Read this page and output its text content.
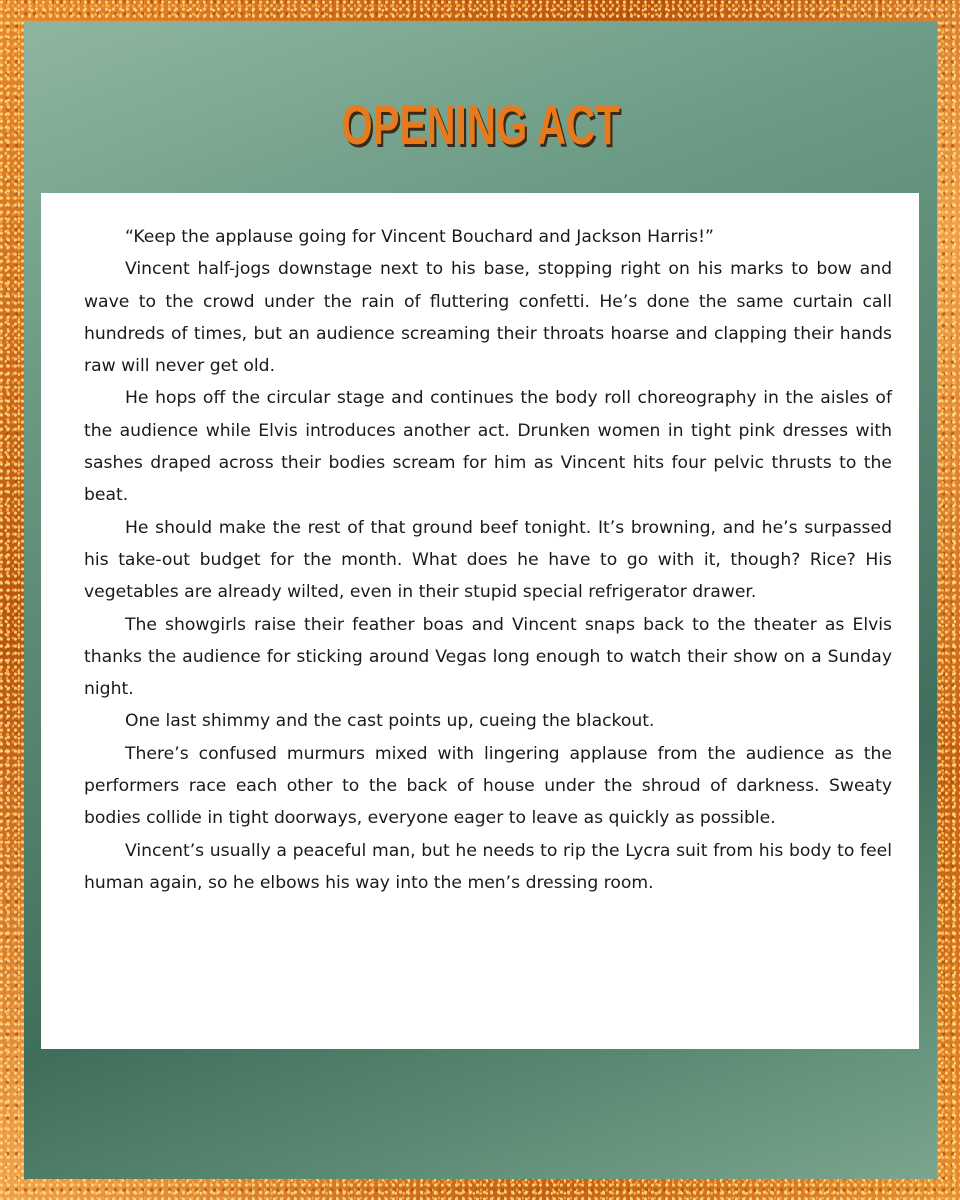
OPENING ACT

“Keep the applause going for Vincent Bouchard and Jackson Harris!”

Vincent half-jogs downstage next to his base, stopping right on his marks to bow and wave to the crowd under the rain of fluttering confetti. He’s done the same curtain call hundreds of times, but an audience screaming their throats hoarse and clapping their hands raw will never get old.

He hops off the circular stage and continues the body roll choreography in the aisles of the audience while Elvis introduces another act. Drunken women in tight pink dresses with sashes draped across their bodies scream for him as Vincent hits four pelvic thrusts to the beat.

He should make the rest of that ground beef tonight. It’s browning, and he’s surpassed his take-out budget for the month. What does he have to go with it, though? Rice? His vegetables are already wilted, even in their stupid special refrigerator drawer.

The showgirls raise their feather boas and Vincent snaps back to the theater as Elvis thanks the audience for sticking around Vegas long enough to watch their show on a Sunday night.

One last shimmy and the cast points up, cueing the blackout.

There’s confused murmurs mixed with lingering applause from the audience as the performers race each other to the back of house under the shroud of darkness. Sweaty bodies collide in tight doorways, everyone eager to leave as quickly as possible.

Vincent’s usually a peaceful man, but he needs to rip the Lycra suit from his body to feel human again, so he elbows his way into the men’s dressing room.
